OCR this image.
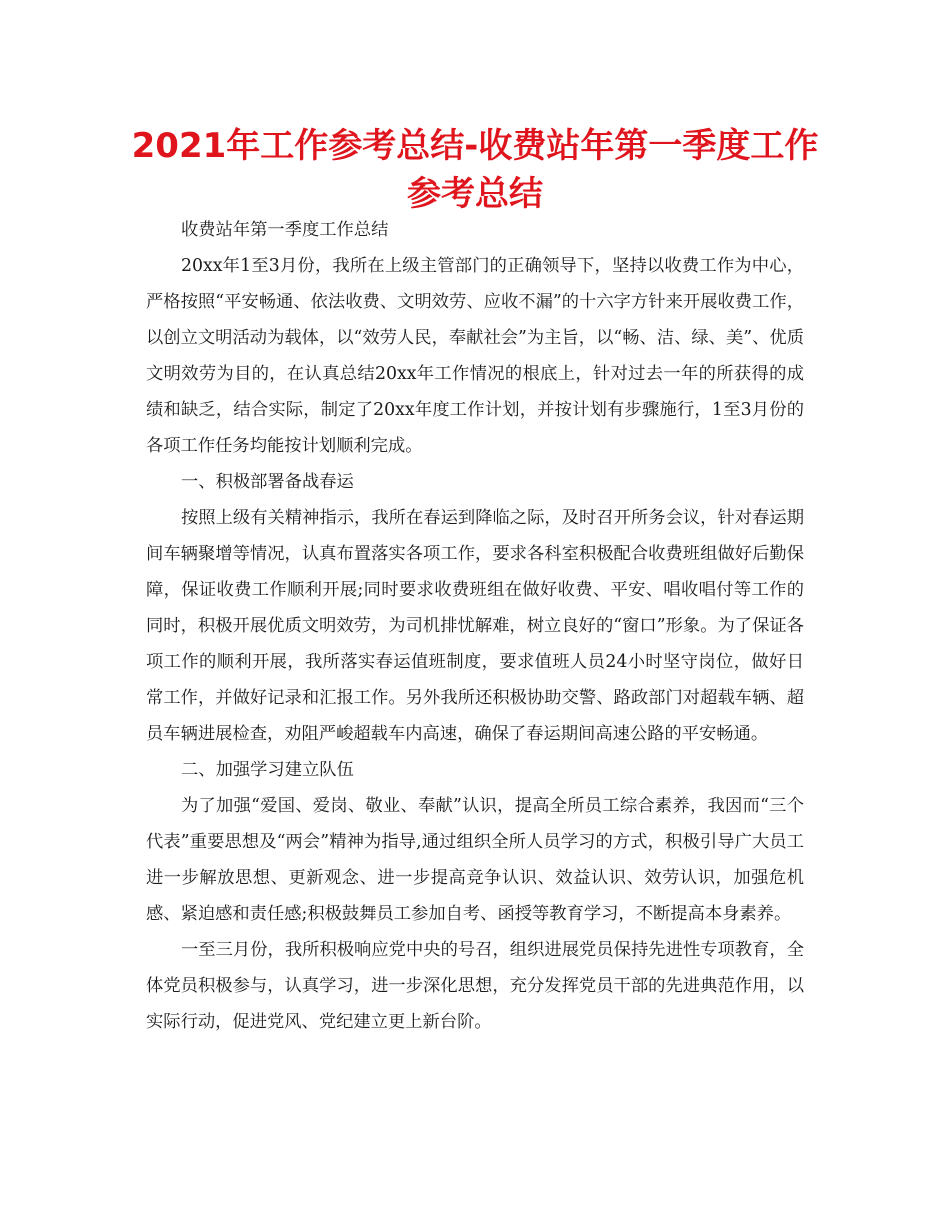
2021年工作参考总结-收费站年第一季度工作参考总结

收费站年第一季度工作总结

20xx年1至3月份，我所在上级主管部门的正确领导下，坚持以收费工作为中心，严格按照“平安畅通、依法收费、文明效劳、应收不漏”的十六字方针来开展收费工作，以创立文明活动为载体，以“效劳人民，奉献社会”为主旨，以“畅、洁、绿、美”、优质文明效劳为目的，在认真总结20xx年工作情况的根底上，针对过去一年的所获得的成绩和缺乏，结合实际，制定了20xx年度工作计划，并按计划有步骤施行，1至3月份的各项工作任务均能按计划顺利完成。

一、积极部署备战春运

按照上级有关精神指示，我所在春运到降临之际，及时召开所务会议，针对春运期间车辆聚增等情况，认真布置落实各项工作，要求各科室积极配合收费班组做好后勤保障，保证收费工作顺利开展;同时要求收费班组在做好收费、平安、唱收唱付等工作的同时，积极开展优质文明效劳，为司机排忧解难，树立良好的“窗口”形象。为了保证各项工作的顺利开展，我所落实春运值班制度，要求值班人员24小时坚守岗位，做好日常工作，并做好记录和汇报工作。另外我所还积极协助交警、路政部门对超载车辆、超员车辆进展检查，劝阻严峻超载车内高速，确保了春运期间高速公路的平安畅通。

二、加强学习建立队伍

为了加强“爱国、爱岗、敬业、奉献”认识，提高全所员工综合素养，我因而“三个代表”重要思想及“两会”精神为指导,通过组织全所人员学习的方式，积极引导广大员工进一步解放思想、更新观念、进一步提高竞争认识、效益认识、效劳认识，加强危机感、紧迫感和责任感;积极鼓舞员工参加自考、函授等教育学习，不断提高本身素养。

一至三月份，我所积极响应党中央的号召，组织进展党员保持先进性专项教育，全体党员积极参与，认真学习，进一步深化思想，充分发挥党员干部的先进典范作用，以实际行动，促进党风、党纪建立更上新台阶。
